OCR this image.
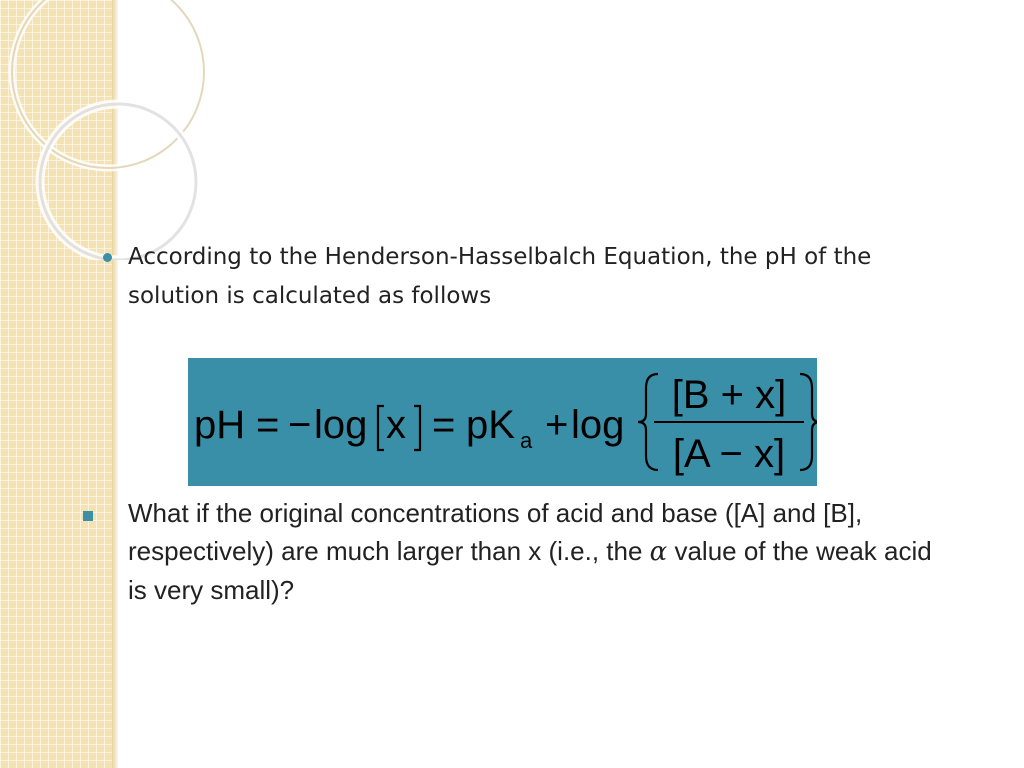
According to the Henderson-Hasselbalch Equation, the pH of the solution is calculated as follows
pH = − log x = pK a + log
[B + x]
[A − x]
What if the original concentrations of acid and base ([A] and [B], respectively) are much larger than x (i.e., the α value of the weak acid is very small)?
